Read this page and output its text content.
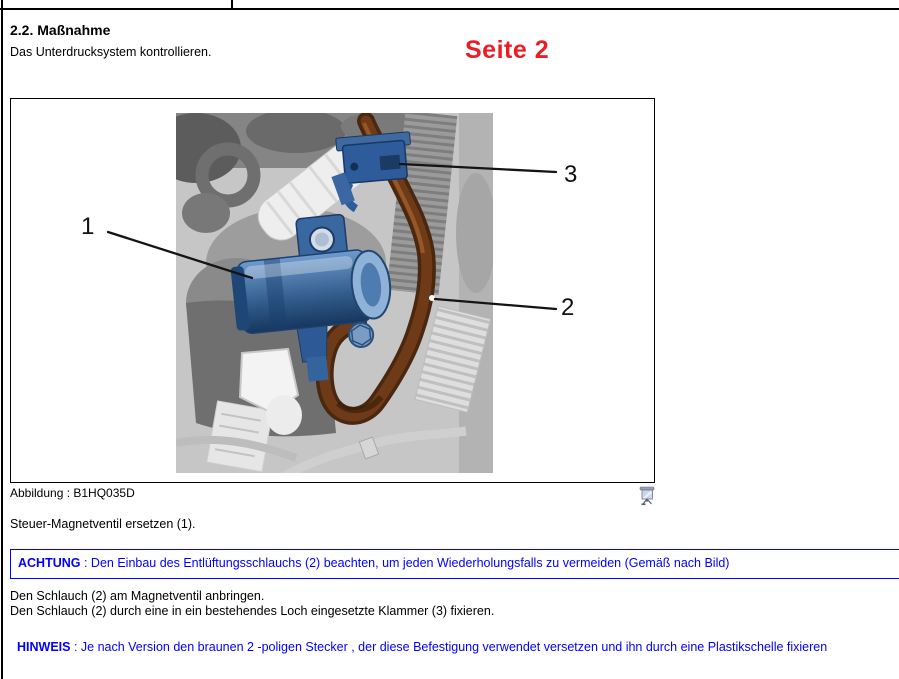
2.2. Maßnahme
Das Unterdrucksystem kontrollieren.	Seite 2
1
2
3
Abbildung : B1HQ035D
Steuer-Magnetventil ersetzen (1).
ACHTUNG : Den Einbau des Entlüftungsschlauchs (2) beachten, um jeden Wiederholungsfalls zu vermeiden (Gemäß nach Bild)
Den Schlauch (2) am Magnetventil anbringen.
Den Schlauch (2) durch eine in ein bestehendes Loch eingesetzte Klammer (3) fixieren.
HINWEIS : Je nach Version den braunen 2 -poligen Stecker , der diese Befestigung verwendet versetzen und ihn durch eine Plastikschelle fixieren
